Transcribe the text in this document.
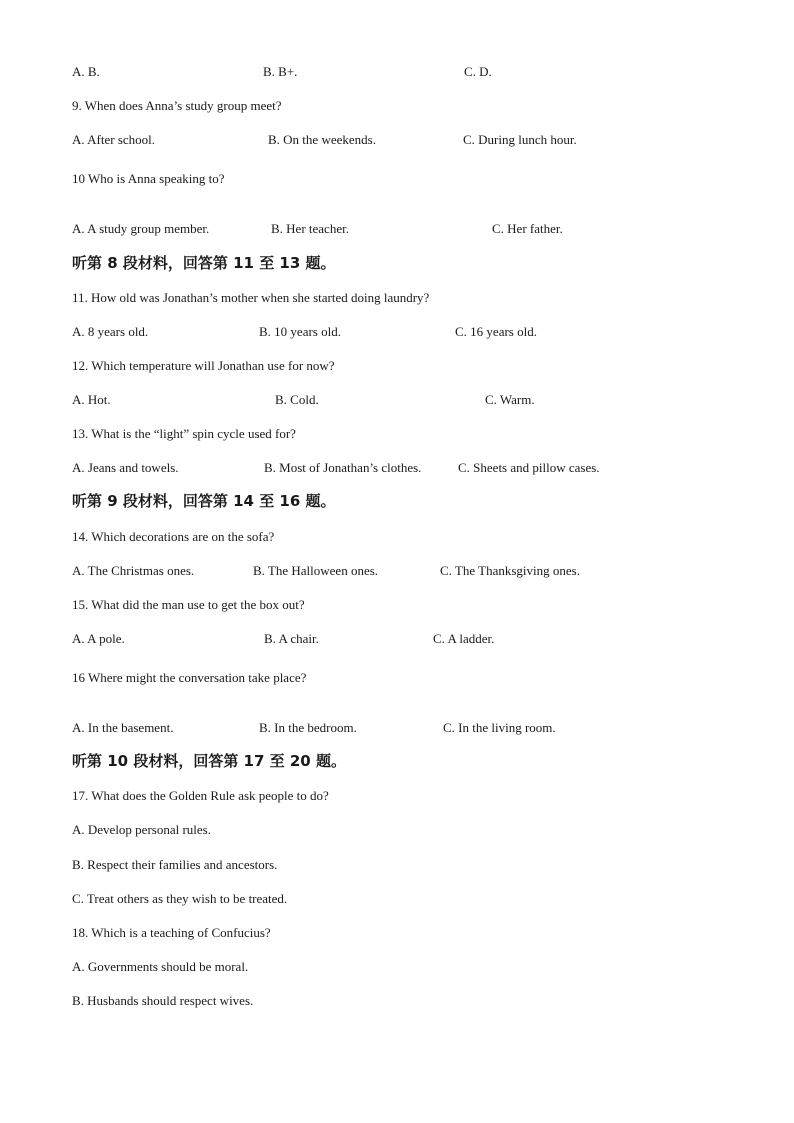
A. B.	B. B+.	C. D.
9. When does Anna’s study group meet?
A. After school.	B. On the weekends.	C. During lunch hour.
10 Who is Anna speaking to?
A. A study group member.	B. Her teacher.	C. Her father.
听第 8 段材料，回答第 11 至 13 题。
11. How old was Jonathan’s mother when she started doing laundry?
A. 8 years old.	B. 10 years old.	C. 16 years old.
12. Which temperature will Jonathan use for now?
A. Hot.	B. Cold.	C. Warm.
13. What is the “light” spin cycle used for?
A. Jeans and towels.	B. Most of Jonathan’s clothes.	C. Sheets and pillow cases.
听第 9 段材料，回答第 14 至 16 题。
14. Which decorations are on the sofa?
A. The Christmas ones.	B. The Halloween ones.	C. The Thanksgiving ones.
15. What did the man use to get the box out?
A. A pole.	B. A chair.	C. A ladder.
16 Where might the conversation take place?
A. In the basement.	B. In the bedroom.	C. In the living room.
听第 10 段材料，回答第 17 至 20 题。
17. What does the Golden Rule ask people to do?
A. Develop personal rules.
B. Respect their families and ancestors.
C. Treat others as they wish to be treated.
18. Which is a teaching of Confucius?
A. Governments should be moral.
B. Husbands should respect wives.
